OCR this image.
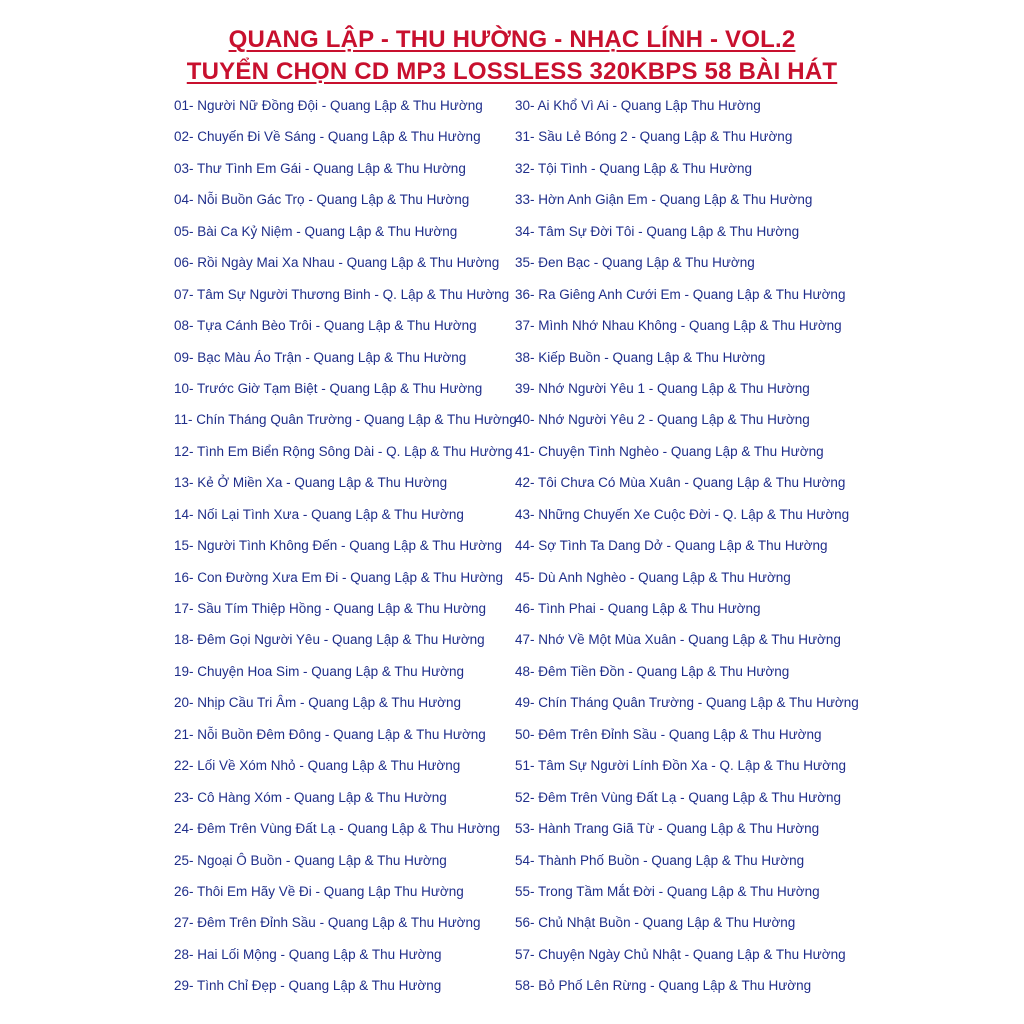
QUANG LẬP - THU HƯỜNG - NHẠC LÍNH - VOL.2
TUYỂN CHỌN CD MP3 LOSSLESS 320KBPS 58 BÀI HÁT
01- Người Nữ Đồng Đội - Quang Lập & Thu Hường
02- Chuyến Đi Về Sáng - Quang Lập & Thu Hường
03- Thư Tình Em Gái - Quang Lập & Thu Hường
04- Nỗi Buồn Gác Trọ - Quang Lập & Thu Hường
05- Bài Ca Kỷ Niệm - Quang Lập & Thu Hường
06- Rồi Ngày Mai Xa Nhau - Quang Lập & Thu Hường
07- Tâm Sự Người Thương Binh - Q. Lập & Thu Hường
08- Tựa Cánh Bèo Trôi - Quang Lập & Thu Hường
09- Bạc Màu Áo Trận - Quang Lập & Thu Hường
10- Trước Giờ Tạm Biệt - Quang Lập & Thu Hường
11- Chín Tháng Quân Trường - Quang Lập & Thu Hường
12- Tình Em Biển Rộng Sông Dài - Q. Lập & Thu Hường
13- Kẻ Ở Miền Xa - Quang Lập & Thu Hường
14- Nối Lại Tình Xưa - Quang Lập & Thu Hường
15- Người Tình Không Đến - Quang Lập & Thu Hường
16- Con Đường Xưa Em Đi - Quang Lập & Thu Hường
17- Sầu Tím Thiệp Hồng - Quang Lập & Thu Hường
18- Đêm Gọi Người Yêu - Quang Lập & Thu Hường
19- Chuyện Hoa Sim - Quang Lập & Thu Hường
20- Nhịp Cầu Tri Âm - Quang Lập & Thu Hường
21- Nỗi Buồn Đêm Đông - Quang Lập & Thu Hường
22- Lối Về Xóm Nhỏ - Quang Lập & Thu Hường
23- Cô Hàng Xóm - Quang Lập & Thu Hường
24- Đêm Trên Vùng Đất Lạ - Quang Lập & Thu Hường
25- Ngoại Ô Buồn - Quang Lập & Thu Hường
26- Thôi Em Hãy Về Đi - Quang Lập Thu Hường
27- Đêm Trên Đỉnh Sầu - Quang Lập & Thu Hường
28- Hai Lối Mộng - Quang Lập & Thu Hường
29- Tình Chỉ Đẹp - Quang Lập & Thu Hường
30- Ai Khổ Vì Ai - Quang Lập Thu Hường
31- Sầu Lẻ Bóng 2 - Quang Lập & Thu Hường
32- Tội Tình - Quang Lập & Thu Hường
33- Hờn Anh Giận Em - Quang Lập & Thu Hường
34- Tâm Sự Đời Tôi - Quang Lập & Thu Hường
35- Đen Bạc - Quang Lập & Thu Hường
36- Ra Giêng Anh Cưới Em - Quang Lập & Thu Hường
37- Mình Nhớ Nhau Không - Quang Lập & Thu Hường
38- Kiếp Buồn - Quang Lập & Thu Hường
39- Nhớ Người Yêu 1 - Quang Lập & Thu Hường
40- Nhớ Người Yêu 2 - Quang Lập & Thu Hường
41- Chuyện Tình Nghèo - Quang Lập & Thu Hường
42- Tôi Chưa Có Mùa Xuân - Quang Lập & Thu Hường
43- Những Chuyến Xe Cuộc Đời - Q. Lập & Thu Hường
44- Sợ Tình Ta Dang Dở - Quang Lập & Thu Hường
45- Dù Anh Nghèo - Quang Lập & Thu Hường
46- Tình Phai - Quang Lập & Thu Hường
47- Nhớ Về Một Mùa Xuân - Quang Lập & Thu Hường
48- Đêm Tiền Đồn - Quang Lập & Thu Hường
49- Chín Tháng Quân Trường - Quang Lập & Thu Hường
50- Đêm Trên Đỉnh Sầu - Quang Lập & Thu Hường
51- Tâm Sự Người Lính Đồn Xa - Q. Lập & Thu Hường
52- Đêm Trên Vùng Đất Lạ - Quang Lập & Thu Hường
53- Hành Trang Giã Từ - Quang Lập & Thu Hường
54- Thành Phố Buồn - Quang Lập & Thu Hường
55- Trong Tầm Mắt Đời - Quang Lập & Thu Hường
56- Chủ Nhật Buồn - Quang Lập & Thu Hường
57- Chuyện Ngày Chủ Nhật - Quang Lập & Thu Hường
58- Bỏ Phố Lên Rừng - Quang Lập & Thu Hường
